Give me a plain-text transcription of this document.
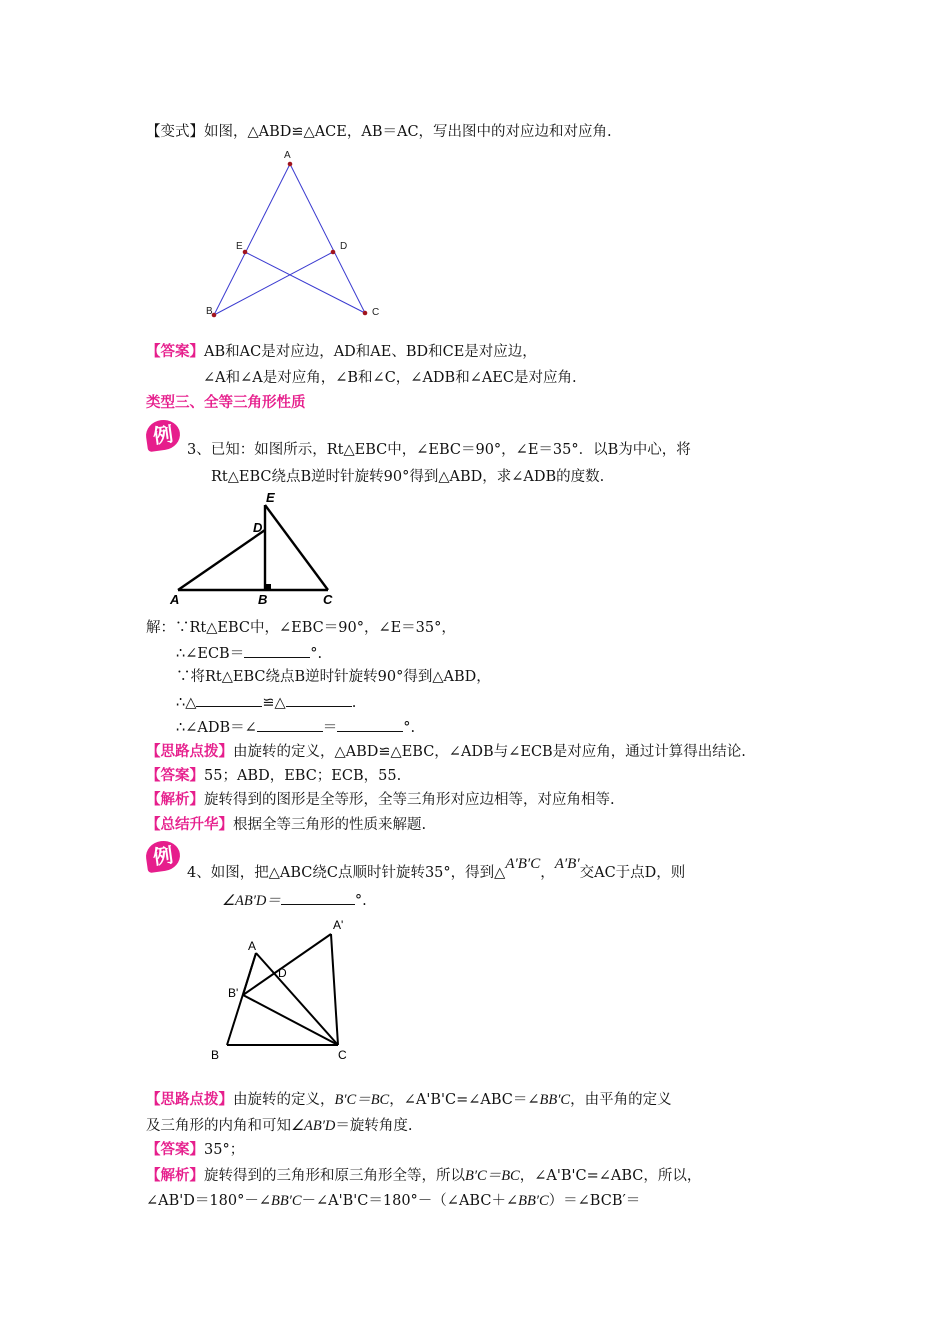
【变式】如图，△ABD≌△ACE，AB＝AC，写出图中的对应边和对应角.
A
E	D
B	C
【答案】AB和AC是对应边，AD和AE、BD和CE是对应边，
∠A和∠A是对应角，∠B和∠C，∠ADB和∠AEC是对应角.
类型三、全等三角形性质
例
3、已知：如图所示，Rt△EBC中，∠EBC＝90°，∠E＝35°．以B为中心，将
Rt△EBC绕点B逆时针旋转90°得到△ABD，求∠ADB的度数.
E
D
A	B	C
解：∵Rt△EBC中，∠EBC＝90°，∠E＝35°，
∴∠ECB＝	°.
∵将Rt△EBC绕点B逆时针旋转90°得到△ABD，
∴△	≌△	.
∴∠ADB＝∠	＝	°.
【思路点拨】由旋转的定义，△ABD≌△EBC，∠ADB与∠ECB是对应角，通过计算得出结论.
【答案】55；ABD，EBC；ECB，55.
【解析】旋转得到的图形是全等形，全等三角形对应边相等，对应角相等.
【总结升华】根据全等三角形的性质来解题.
例
4、如图，把△ABC绕C点顺时针旋转35°，得到△A′B′C，A′B′交AC于点D，则
∠AB′D＝	°.
A
A'
D
B'
B	C
【思路点拨】由旋转的定义，B′C＝BC，∠A'B'C=∠ABC＝∠BB′C，由平角的定义
及三角形的内角和可知∠AB′D＝旋转角度.
【答案】35°；
【解析】旋转得到的三角形和原三角形全等，所以B′C＝BC，∠A'B'C=∠ABC，所以，
∠AB'D＝180°－∠BB′C－∠A'B'C＝180°－（∠ABC＋∠BB′C）＝∠BCB′＝
